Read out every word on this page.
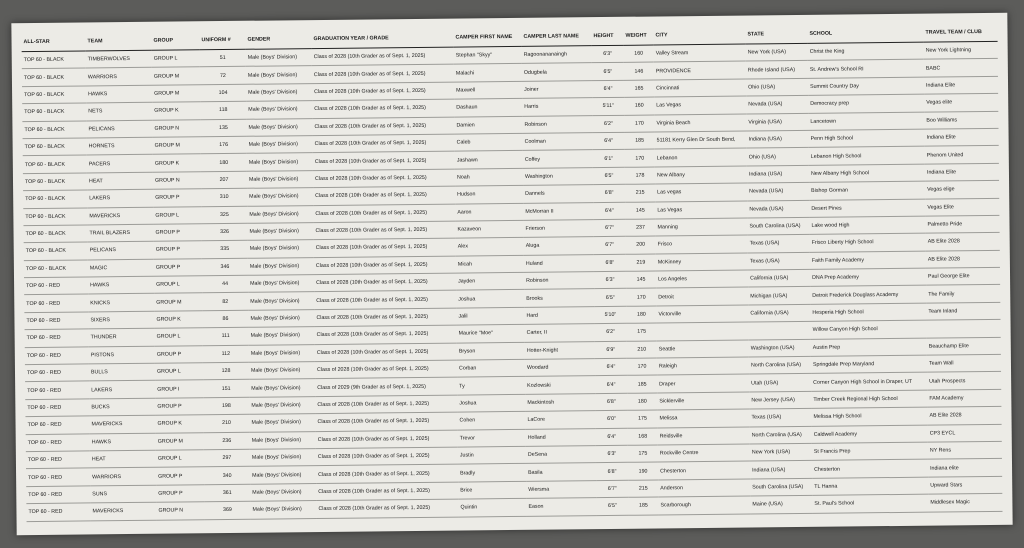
ALL-STAR	TEAM	GROUP	UNIFORM #	GENDER	GRADUATION YEAR / GRADE	CAMPER FIRST NAME	CAMPER LAST NAME	HEIGHT	WEIGHT	CITY	STATE	SCHOOL	TRAVEL TEAM / CLUB
TOP 60 - BLACK	TIMBERWOLVES	GROUP L	51	Male (Boys' Division)	Class of 2028 (10th Grader as of Sept. 1, 2025)	Stephan "Skyy"	Ragoonananaingh	6'3"	160	Valley Stream	New York (USA)	Christ the King	New York Lightning
TOP 60 - BLACK	WARRIORS	GROUP M	72	Male (Boys' Division)	Class of 2028 (10th Grader as of Sept. 1, 2025)	Malachi	Odugbela	6'5"	146	PROVIDENCE	Rhode Island (USA)	St. Andrew's School RI	BABC
TOP 60 - BLACK	HAWKS	GROUP M	104	Male (Boys' Division)	Class of 2028 (10th Grader as of Sept. 1, 2025)	Maxwell	Joiner	6'4"	165	Cincinnati	Ohio (USA)	Summit Country Day	Indiana Elite
TOP 60 - BLACK	NETS	GROUP K	118	Male (Boys' Division)	Class of 2028 (10th Grader as of Sept. 1, 2025)	Dashaun	Harris	5'11"	160	Las Vegas	Nevada (USA)	Democracy prep	Vegas elite
TOP 60 - BLACK	PELICANS	GROUP N	135	Male (Boys' Division)	Class of 2028 (10th Grader as of Sept. 1, 2025)	Damien	Robinson	6'2"	170	Virginia Beach	Virginia (USA)	Lancetown	Boo Williams
TOP 60 - BLACK	HORNETS	GROUP M	176	Male (Boys' Division)	Class of 2028 (10th Grader as of Sept. 1, 2025)	Caleb	Coolman	6'4"	185	51181 Kerry Glen Dr South Bend,	Indiana (USA)	Penn High School	Indiana Elite
TOP 60 - BLACK	PACERS	GROUP K	180	Male (Boys' Division)	Class of 2028 (10th Grader as of Sept. 1, 2025)	Jashawn	Coffey	6'1"	170	Lebanon	Ohio (USA)	Lebanon High School	Phenom United
TOP 60 - BLACK	HEAT	GROUP N	207	Male (Boys' Division)	Class of 2028 (10th Grader as of Sept. 1, 2025)	Noah	Washington	6'5"	178	New Albany	Indiana (USA)	New Albany High School	Indiana Elite
TOP 60 - BLACK	LAKERS	GROUP P	310	Male (Boys' Division)	Class of 2028 (10th Grader as of Sept. 1, 2025)	Hudson	Dannels	6'8"	215	Las vegas	Nevada (USA)	Bishop Gorman	Vegas elige
TOP 60 - BLACK	MAVERICKS	GROUP L	325	Male (Boys' Division)	Class of 2028 (10th Grader as of Sept. 1, 2025)	Aaron	McMorran II	6'4"	145	Las Vegas	Nevada (USA)	Desert Pines	Vegas Elite
TOP 60 - BLACK	TRAIL BLAZERS	GROUP P	326	Male (Boys' Division)	Class of 2028 (10th Grader as of Sept. 1, 2025)	Kazaveon	Frierson	6'7"	237	Manning	South Carolina (USA)	Lake wood High	Palmetto Pride
TOP 60 - BLACK	PELICANS	GROUP P	335	Male (Boys' Division)	Class of 2028 (10th Grader as of Sept. 1, 2025)	Alex	Aluga	6'7"	200	Frisco	Texas (USA)	Frisco Liberty High School	AB Elite 2028
TOP 60 - BLACK	MAGIC	GROUP P	346	Male (Boys' Division)	Class of 2028 (10th Grader as of Sept. 1, 2025)	Micah	Huland	6'8"	219	McKinney	Texas (USA)	Faith Family Academy	AB Elite 2028
TOP 60 - RED	HAWKS	GROUP L	44	Male (Boys' Division)	Class of 2028 (10th Grader as of Sept. 1, 2025)	Jayden	Robinson	6'3"	145	Los Angeles	California (USA)	DNA Prep Academy	Paul George Elite
TOP 60 - RED	KNICKS	GROUP M	82	Male (Boys' Division)	Class of 2028 (10th Grader as of Sept. 1, 2025)	Joshua	Brooks	6'5"	170	Detroit	Michigan (USA)	Detroit Frederick Douglass Academy	The Family
TOP 60 - RED	SIXERS	GROUP K	86	Male (Boys' Division)	Class of 2028 (10th Grader as of Sept. 1, 2025)	Jalil	Hard	5'10"	180	Victorville	California (USA)	Hesperia High School	Team Inland
TOP 60 - RED	THUNDER	GROUP L	111	Male (Boys' Division)	Class of 2028 (10th Grader as of Sept. 1, 2025)	Maurice "Moe"	Carter, II	6'2"	175			Willow Canyon High School	
TOP 60 - RED	PISTONS	GROUP P	112	Male (Boys' Division)	Class of 2028 (10th Grader as of Sept. 1, 2025)	Bryson	Hotter-Knight	6'9"	210	Seattle	Washington (USA)	Austin Prep	Beauchamp Elite
TOP 60 - RED	BULLS	GROUP L	128	Male (Boys' Division)	Class of 2028 (10th Grader as of Sept. 1, 2025)	Corban	Woodard	6'4"	170	Raleigh	North Carolina (USA)	Springdale Prep Maryland	Team Wall
TOP 60 - RED	LAKERS	GROUP I	151	Male (Boys' Division)	Class of 2029 (9th Grader as of Sept. 1, 2025)	Ty	Kozlowski	6'4"	185	Draper	Utah (USA)	Corner Canyon High School in Draper, UT	Utah Prospects
TOP 60 - RED	BUCKS	GROUP P	198	Male (Boys' Division)	Class of 2028 (10th Grader as of Sept. 1, 2025)	Joshua	Mackintosh	6'8"	180	Sicklerville	New Jersey (USA)	Timber Creek Regional High School	FAM Academy
TOP 60 - RED	MAVERICKS	GROUP K	210	Male (Boys' Division)	Class of 2028 (10th Grader as of Sept. 1, 2025)	Cohen	LaCore	6'0"	175	Melissa	Texas (USA)	Melissa High School	AB Elite 2028
TOP 60 - RED	HAWKS	GROUP M	236	Male (Boys' Division)	Class of 2028 (10th Grader as of Sept. 1, 2025)	Trevor	Holland	6'4"	168	Reidsville	North Carolina (USA)	Caldwell Academy	CP3 EYCL
TOP 60 - RED	HEAT	GROUP L	297	Male (Boys' Division)	Class of 2028 (10th Grader as of Sept. 1, 2025)	Justin	DeSena	6'3"	175	Rockville Centre	New York (USA)	St Francis Prep	NY Rens
TOP 60 - RED	WARRIORS	GROUP P	340	Male (Boys' Division)	Class of 2028 (10th Grader as of Sept. 1, 2025)	Bradly	Basila	6'8"	190	Chesterton	Indiana (USA)	Chesterton	Indiana elite
TOP 60 - RED	SUNS	GROUP P	361	Male (Boys' Division)	Class of 2028 (10th Grader as of Sept. 1, 2025)	Brice	Wiersma	6'7"	215	Anderson	South Carolina (USA)	TL Hanna	Upward Stars
TOP 60 - RED	MAVERICKS	GROUP N	369	Male (Boys' Division)	Class of 2028 (10th Grader as of Sept. 1, 2025)	Quintin	Eason	6'5"	185	Scarborough	Maine (USA)	St. Paul's School	Middlesex Magic
